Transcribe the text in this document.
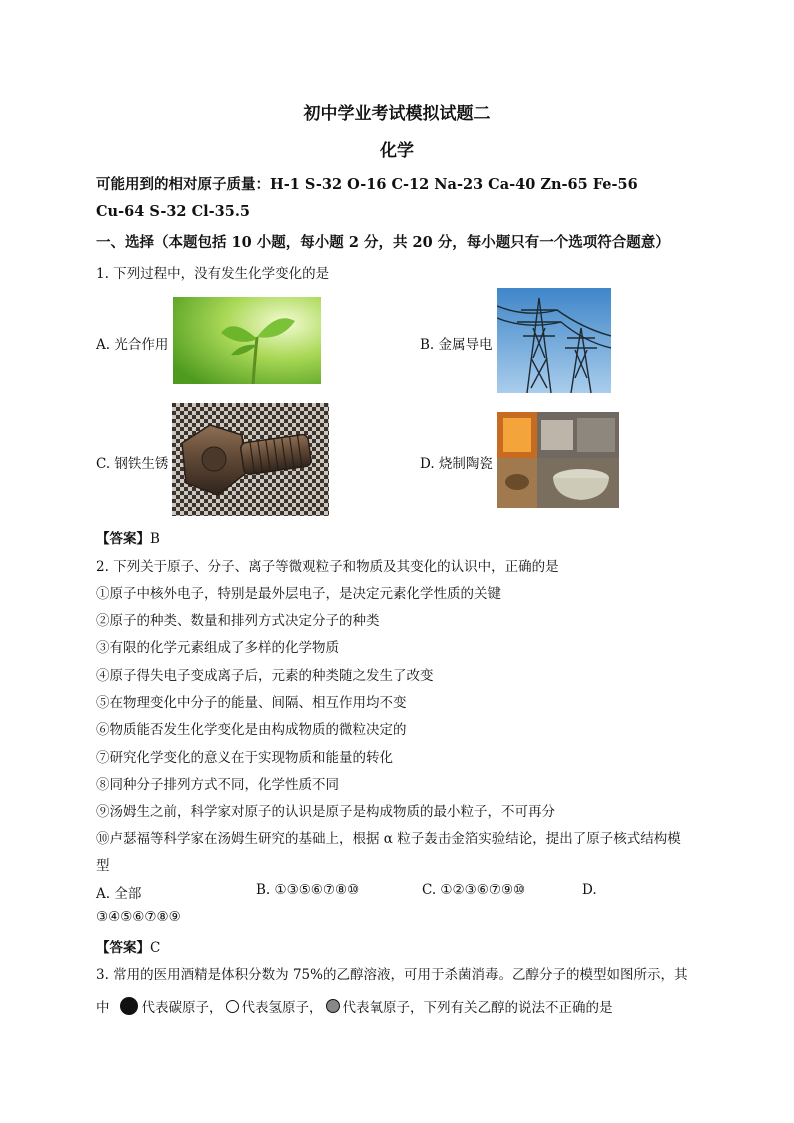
初中学业考试模拟试题二
化学
可能用到的相对原子质量：H-1 S-32 O-16 C-12 Na-23 Ca-40 Zn-65 Fe-56
Cu-64 S-32 Cl-35.5
一、选择（本题包括 10 小题，每小题 2 分，共 20 分，每小题只有一个选项符合题意）
1. 下列过程中，没有发生化学变化的是
A. 光合作用	B. 金属导电
C. 钢铁生锈	D. 烧制陶瓷
【答案】B
2. 下列关于原子、分子、离子等微观粒子和物质及其变化的认识中，正确的是
①原子中核外电子，特别是最外层电子，是决定元素化学性质的关键
②原子的种类、数量和排列方式决定分子的种类
③有限的化学元素组成了多样的化学物质
④原子得失电子变成离子后，元素的种类随之发生了改变
⑤在物理变化中分子的能量、间隔、相互作用均不变
⑥物质能否发生化学变化是由构成物质的微粒决定的
⑦研究化学变化的意义在于实现物质和能量的转化
⑧同种分子排列方式不同，化学性质不同
⑨汤姆生之前，科学家对原子的认识是原子是构成物质的最小粒子，不可再分
⑩卢瑟福等科学家在汤姆生研究的基础上，根据 α 粒子轰击金箔实验结论，提出了原子核式结构模
型
A. 全部	B. ①③⑤⑥⑦⑧⑩	C. ①②③⑥⑦⑨⑩	D.
③④⑤⑥⑦⑧⑨
【答案】C
3. 常用的医用酒精是体积分数为 75%的乙醇溶液，可用于杀菌消毒。乙醇分子的模型如图所示，其
中 代表碳原子， 代表氢原子， 代表氧原子，下列有关乙醇的说法不正确的是
